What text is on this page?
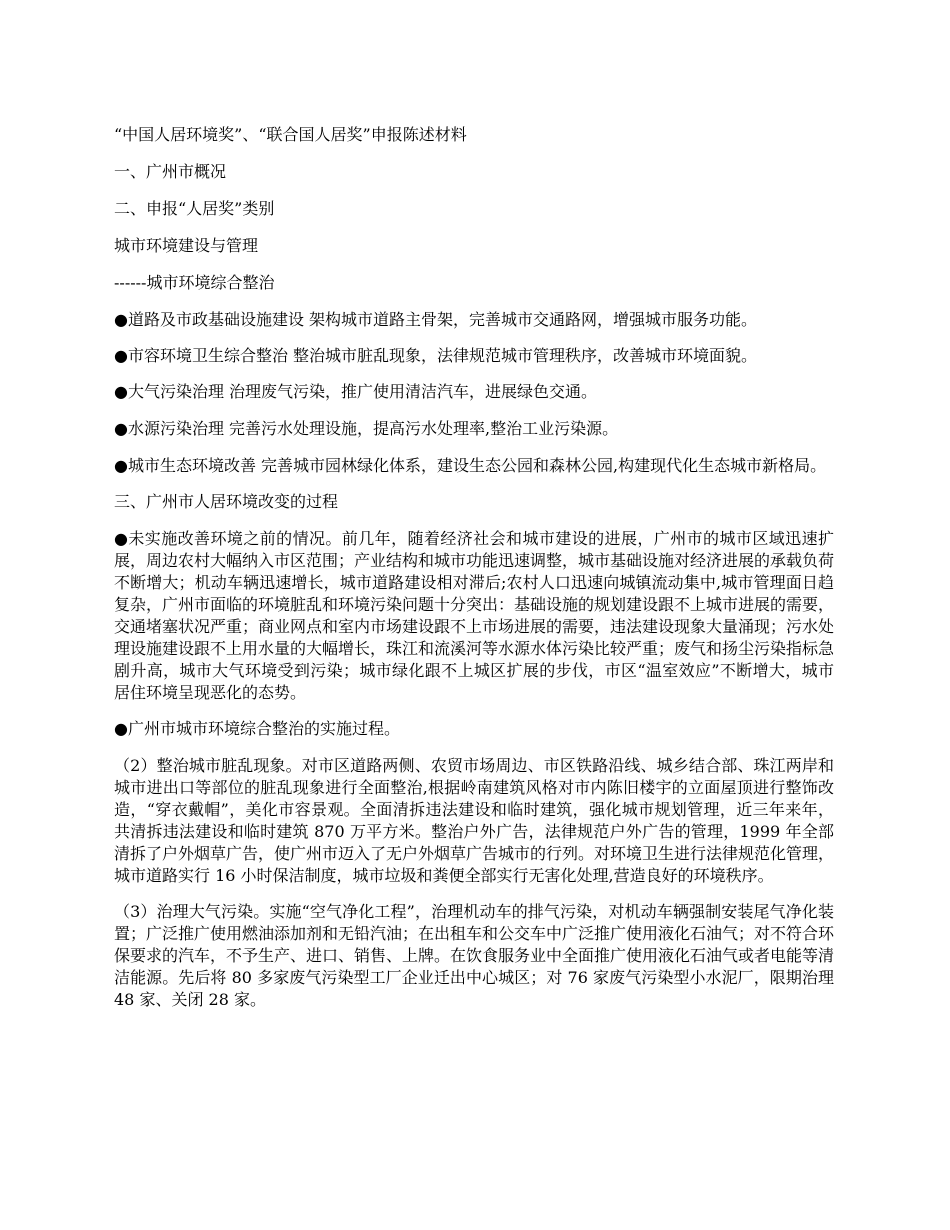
“中国人居环境奖”、“联合国人居奖”申报陈述材料

一、广州市概况

二、申报“人居奖”类别

城市环境建设与管理

------城市环境综合整治

●道路及市政基础设施建设 架构城市道路主骨架，完善城市交通路网，增强城市服务功能。

●市容环境卫生综合整治 整治城市脏乱现象，法律规范城市管理秩序，改善城市环境面貌。

●大气污染治理 治理废气污染，推广使用清洁汽车，进展绿色交通。

●水源污染治理 完善污水处理设施，提高污水处理率,整治工业污染源。

●城市生态环境改善 完善城市园林绿化体系，建设生态公园和森林公园,构建现代化生态城市新格局。

三、广州市人居环境改变的过程

●未实施改善环境之前的情况。前几年，随着经济社会和城市建设的进展，广州市的城市区域迅速扩展，周边农村大幅纳入市区范围；产业结构和城市功能迅速调整，城市基础设施对经济进展的承载负荷不断增大；机动车辆迅速增长，城市道路建设相对滞后;农村人口迅速向城镇流动集中,城市管理面日趋复杂，广州市面临的环境脏乱和环境污染问题十分突出：基础设施的规划建设跟不上城市进展的需要，交通堵塞状况严重；商业网点和室内市场建设跟不上市场进展的需要，违法建设现象大量涌现；污水处理设施建设跟不上用水量的大幅增长，珠江和流溪河等水源水体污染比较严重；废气和扬尘污染指标急剧升高，城市大气环境受到污染；城市绿化跟不上城区扩展的步伐，市区“温室效应”不断增大，城市居住环境呈现恶化的态势。

●广州市城市环境综合整治的实施过程。

（2）整治城市脏乱现象。对市区道路两侧、农贸市场周边、市区铁路沿线、城乡结合部、珠江两岸和城市进出口等部位的脏乱现象进行全面整治,根据岭南建筑风格对市内陈旧楼宇的立面屋顶进行整饰改造，“穿衣戴帽”，美化市容景观。全面清拆违法建设和临时建筑，强化城市规划管理，近三年来年，共清拆违法建设和临时建筑 870 万平方米。整治户外广告，法律规范户外广告的管理，1999 年全部清拆了户外烟草广告，使广州市迈入了无户外烟草广告城市的行列。对环境卫生进行法律规范化管理，城市道路实行 16 小时保洁制度，城市垃圾和粪便全部实行无害化处理,营造良好的环境秩序。

（3）治理大气污染。实施“空气净化工程”，治理机动车的排气污染，对机动车辆强制安装尾气净化装置；广泛推广使用燃油添加剂和无铅汽油；在出租车和公交车中广泛推广使用液化石油气；对不符合环保要求的汽车，不予生产、进口、销售、上牌。在饮食服务业中全面推广使用液化石油气或者电能等清洁能源。先后将 80 多家废气污染型工厂企业迁出中心城区；对 76 家废气污染型小水泥厂，限期治理 48 家、关闭 28 家。
